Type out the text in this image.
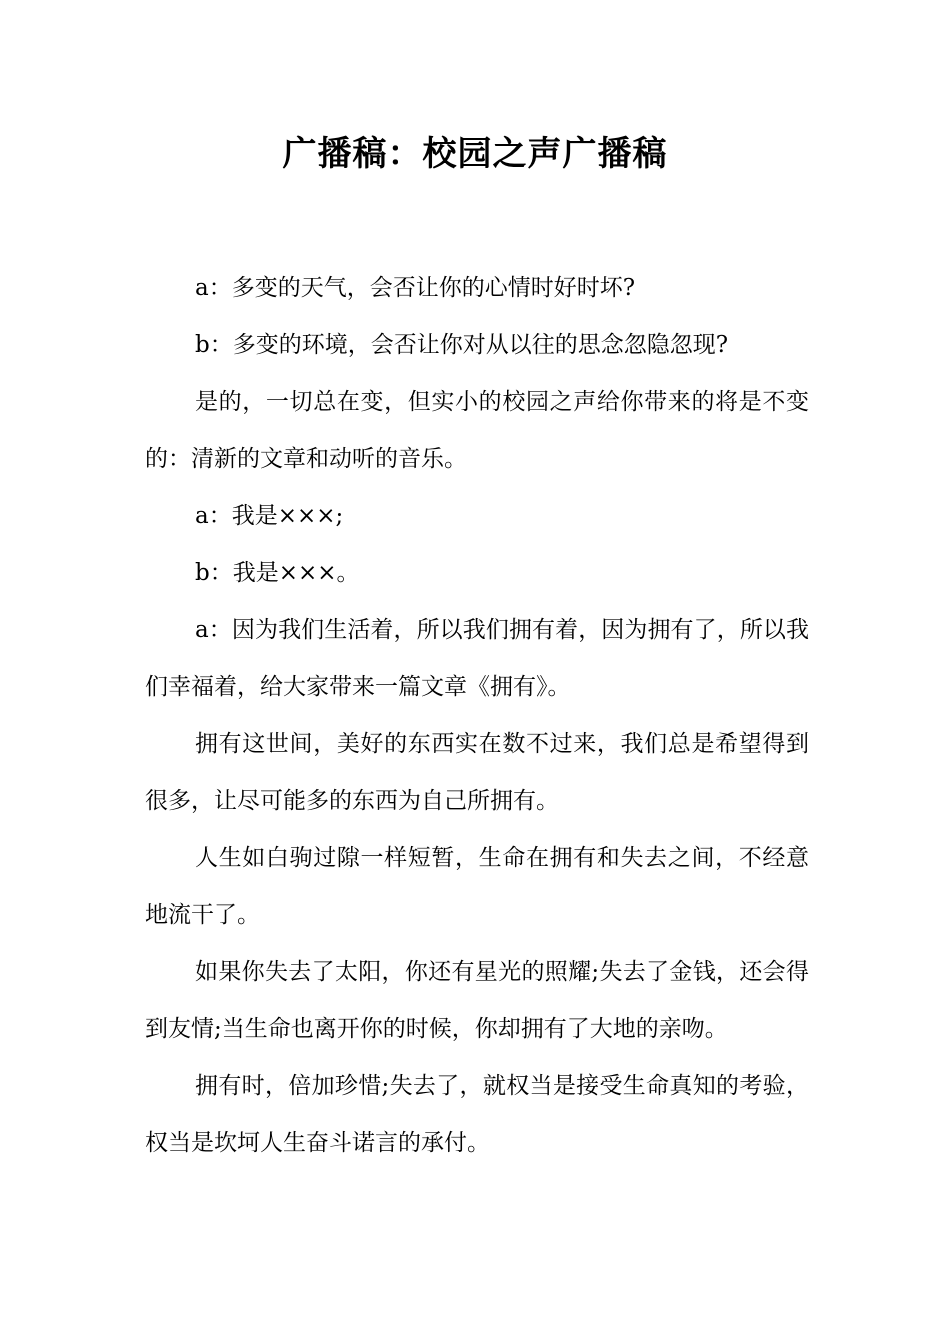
广播稿：校园之声广播稿

a：多变的天气，会否让你的心情时好时坏?

b：多变的环境，会否让你对从以往的思念忽隐忽现?

是的，一切总在变，但实小的校园之声给你带来的将是不变的：清新的文章和动听的音乐。

a：我是×××;

b：我是×××。

a：因为我们生活着，所以我们拥有着，因为拥有了，所以我们幸福着，给大家带来一篇文章《拥有》。

拥有这世间，美好的东西实在数不过来，我们总是希望得到很多，让尽可能多的东西为自己所拥有。

人生如白驹过隙一样短暂，生命在拥有和失去之间，不经意地流干了。

如果你失去了太阳，你还有星光的照耀;失去了金钱，还会得到友情;当生命也离开你的时候，你却拥有了大地的亲吻。

拥有时，倍加珍惜;失去了，就权当是接受生命真知的考验，权当是坎坷人生奋斗诺言的承付。
